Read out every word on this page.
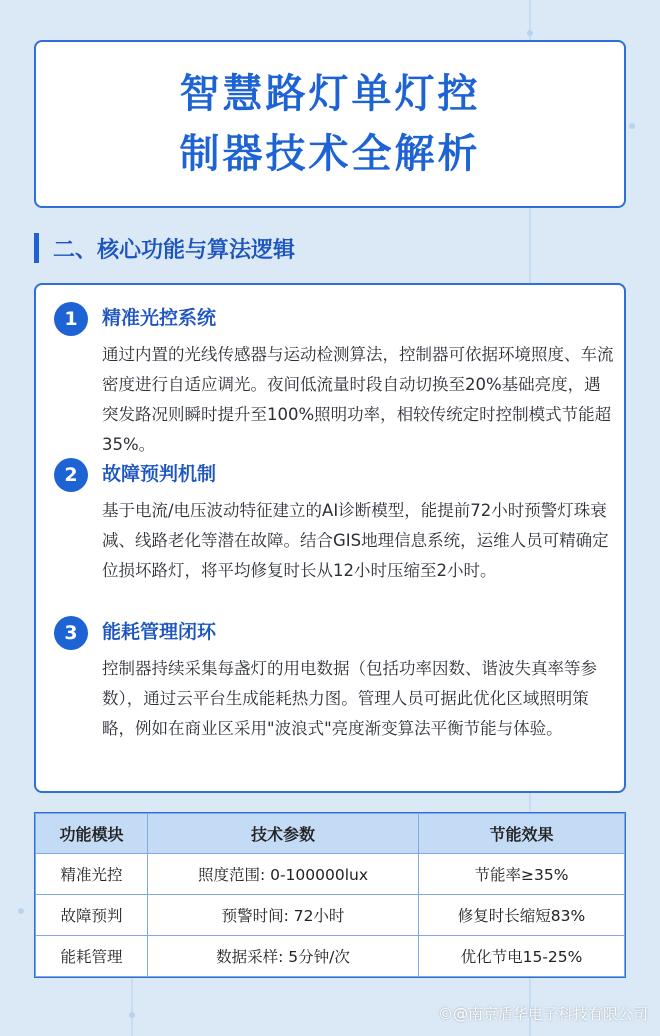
智慧路灯单灯控
制器技术全解析
二、核心功能与算法逻辑
1	精准光控系统
通过内置的光线传感器与运动检测算法，控制器可依据环境照度、车流密度进行自适应调光。夜间低流量时段自动切换至20%基础亮度，遇突发路况则瞬时提升至100%照明功率，相较传统定时控制模式节能超35%。
2	故障预判机制
基于电流/电压波动特征建立的AI诊断模型，能提前72小时预警灯珠衰减、线路老化等潜在故障。结合GIS地理信息系统，运维人员可精确定位损坏路灯，将平均修复时长从12小时压缩至2小时。
3	能耗管理闭环
控制器持续采集每盏灯的用电数据（包括功率因数、谐波失真率等参数），通过云平台生成能耗热力图。管理人员可据此优化区域照明策略，例如在商业区采用"波浪式"亮度渐变算法平衡节能与体验。
功能模块	技术参数	节能效果
精准光控	照度范围: 0-100000lux	节能率≥35%
故障预判	预警时间: 72小时	修复时长缩短83%
能耗管理	数据采样: 5分钟/次	优化节电15-25%
©@南京盾华电子科技有限公司
